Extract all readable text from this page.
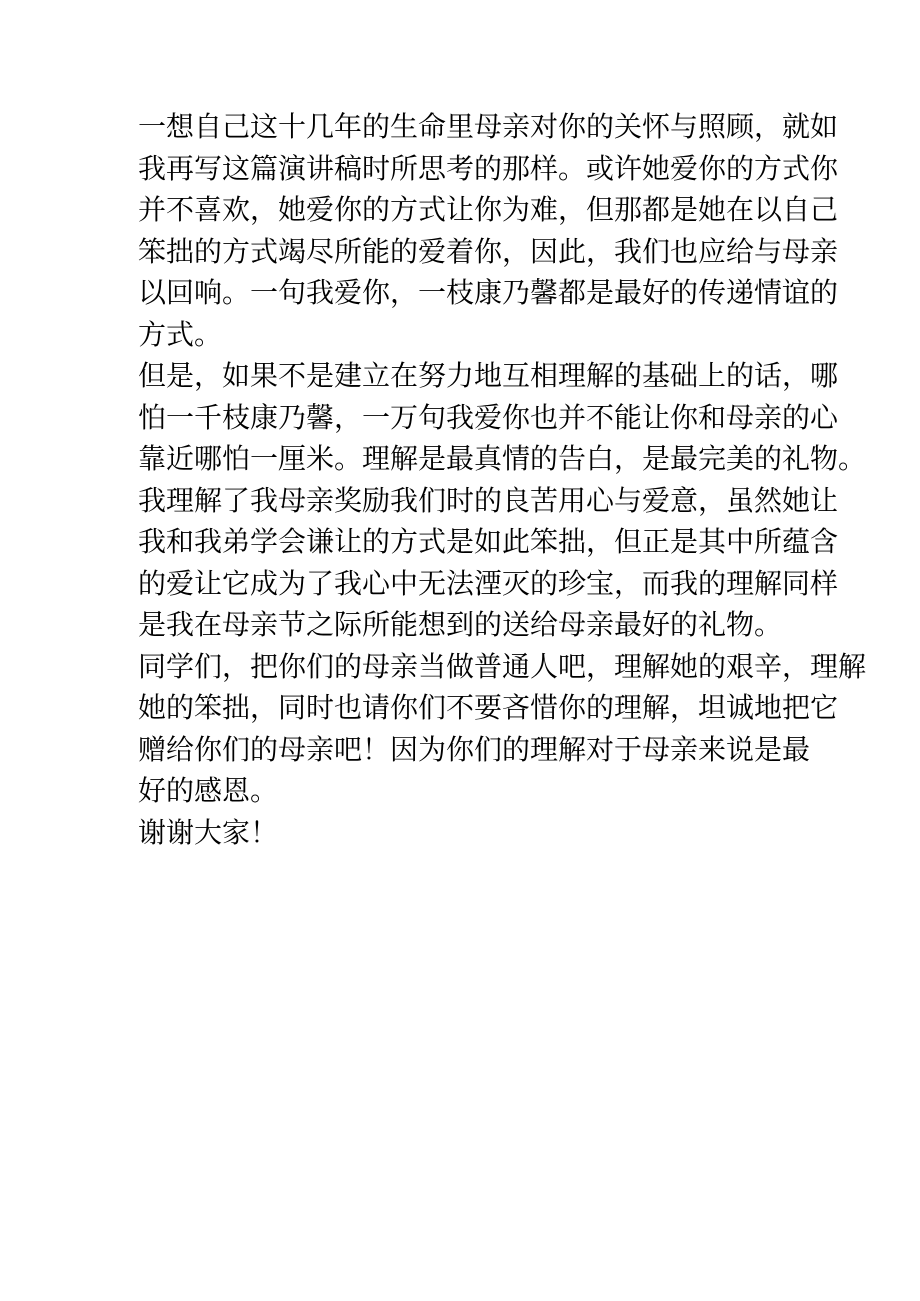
一想自己这十几年的生命里母亲对你的关怀与照顾，就如
我再写这篇演讲稿时所思考的那样。或许她爱你的方式你
并不喜欢，她爱你的方式让你为难，但那都是她在以自己
笨拙的方式竭尽所能的爱着你，因此，我们也应给与母亲
以回响。一句我爱你，一枝康乃馨都是最好的传递情谊的
方式。
但是，如果不是建立在努力地互相理解的基础上的话，哪
怕一千枝康乃馨，一万句我爱你也并不能让你和母亲的心
靠近哪怕一厘米。理解是最真情的告白，是最完美的礼物。
我理解了我母亲奖励我们时的良苦用心与爱意，虽然她让
我和我弟学会谦让的方式是如此笨拙，但正是其中所蕴含
的爱让它成为了我心中无法湮灭的珍宝，而我的理解同样
是我在母亲节之际所能想到的送给母亲最好的礼物。
同学们，把你们的母亲当做普通人吧，理解她的艰辛，理解
她的笨拙，同时也请你们不要吝惜你的理解，坦诚地把它
赠给你们的母亲吧！因为你们的理解对于母亲来说是最
好的感恩。
谢谢大家！
